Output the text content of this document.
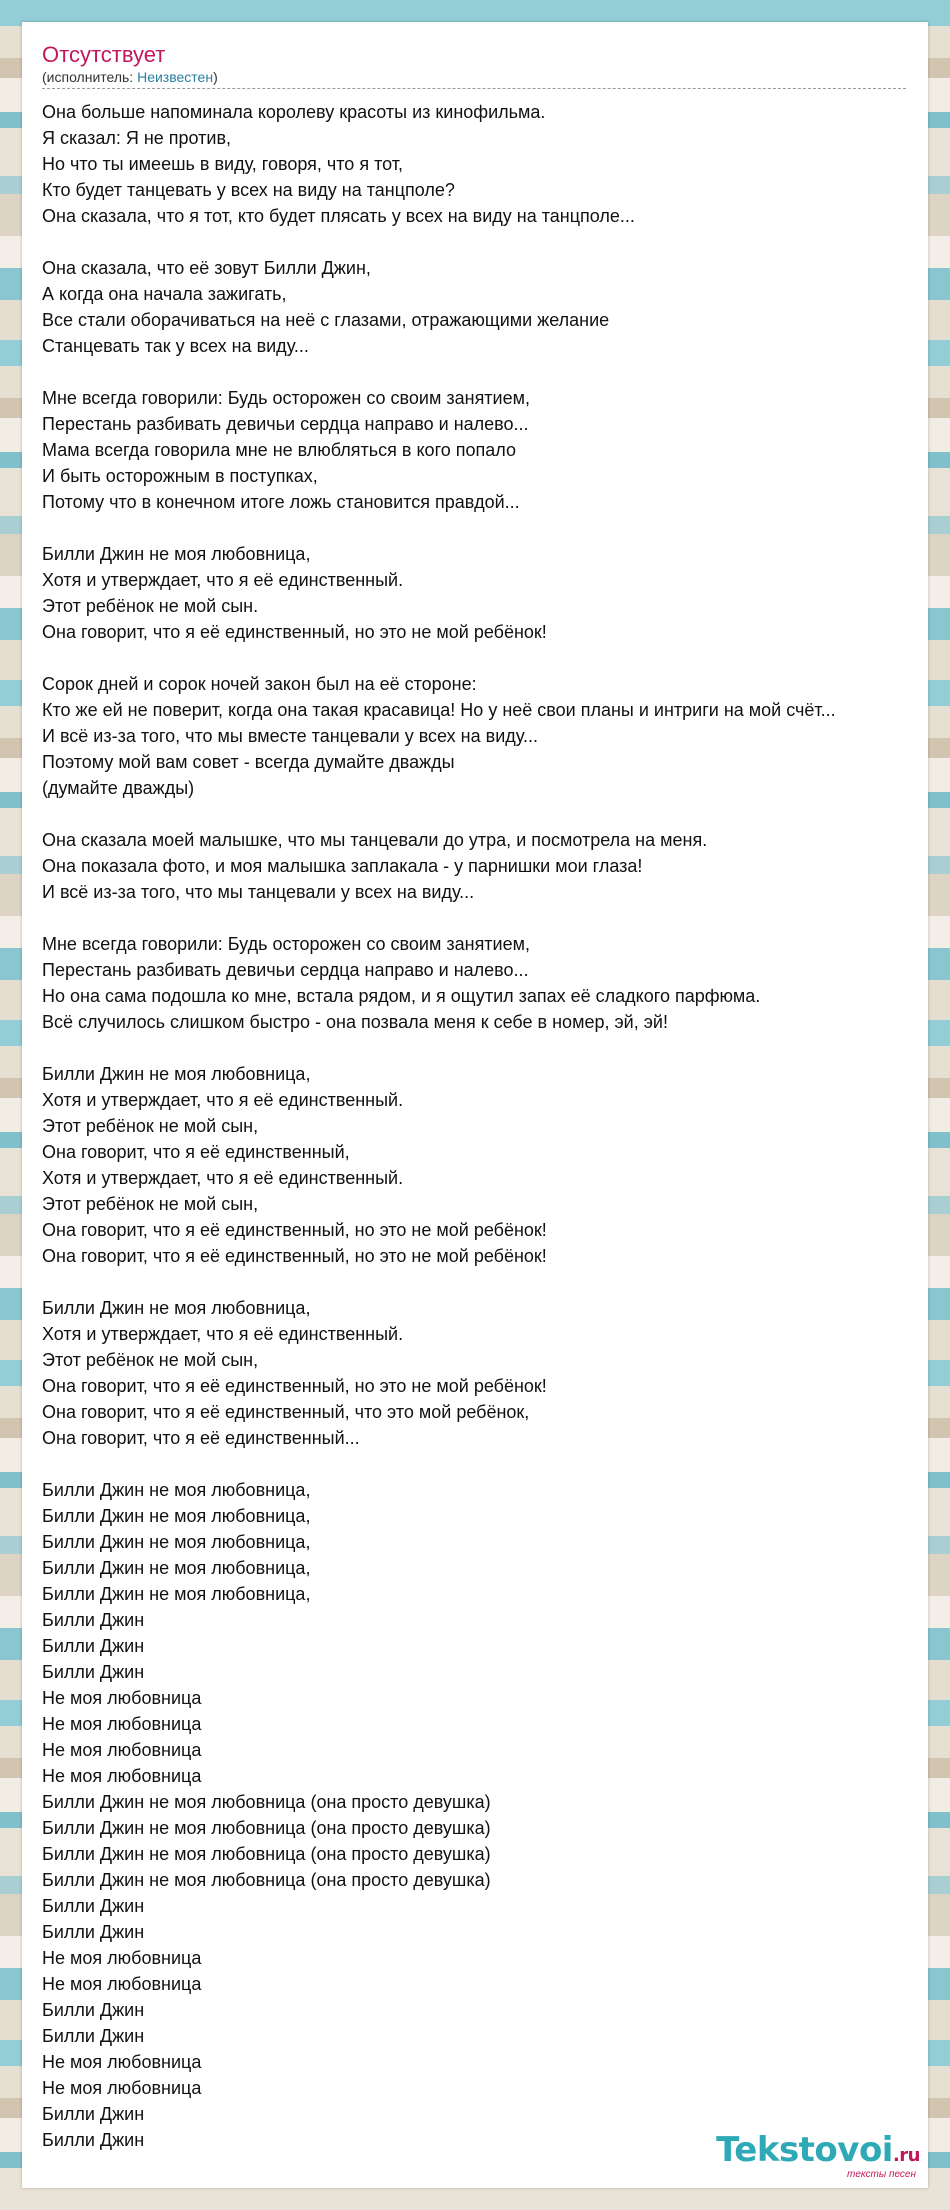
Отсутствует
(исполнитель: Неизвестен)
Она больше напоминала королеву красоты из кинофильма.
Я сказал: Я не против,
Но что ты имеешь в виду, говоря, что я тот,
Кто будет танцевать у всех на виду на танцполе?
Она сказала, что я тот, кто будет плясать у всех на виду на танцполе...
Она сказала, что её зовут Билли Джин,
А когда она начала зажигать,
Все стали оборачиваться на неё с глазами, отражающими желание
Станцевать так у всех на виду...
Мне всегда говорили: Будь осторожен со своим занятием,
Перестань разбивать девичьи сердца направо и налево...
Мама всегда говорила мне не влюбляться в кого попало
И быть осторожным в поступках,
Потому что в конечном итоге ложь становится правдой...
Билли Джин не моя любовница,
Хотя и утверждает, что я её единственный.
Этот ребёнок не мой сын.
Она говорит, что я её единственный, но это не мой ребёнок!
Сорок дней и сорок ночей закон был на её стороне:
Кто же ей не поверит, когда она такая красавица! Но у неё свои планы и интриги на мой счёт...
И всё из-за того, что мы вместе танцевали у всех на виду...
Поэтому мой вам совет - всегда думайте дважды
(думайте дважды)
Она сказала моей малышке, что мы танцевали до утра, и посмотрела на меня.
Она показала фото, и моя малышка заплакала - у парнишки мои глаза!
И всё из-за того, что мы танцевали у всех на виду...
Мне всегда говорили: Будь осторожен со своим занятием,
Перестань разбивать девичьи сердца направо и налево...
Но она сама подошла ко мне, встала рядом, и я ощутил запах её сладкого парфюма.
Всё случилось слишком быстро - она позвала меня к себе в номер, эй, эй!
Билли Джин не моя любовница,
Хотя и утверждает, что я её единственный.
Этот ребёнок не мой сын,
Она говорит, что я её единственный,
Хотя и утверждает, что я её единственный.
Этот ребёнок не мой сын,
Она говорит, что я её единственный, но это не мой ребёнок!
Она говорит, что я её единственный, но это не мой ребёнок!
Билли Джин не моя любовница,
Хотя и утверждает, что я её единственный.
Этот ребёнок не мой сын,
Она говорит, что я её единственный, но это не мой ребёнок!
Она говорит, что я её единственный, что это мой ребёнок,
Она говорит, что я её единственный...
Билли Джин не моя любовница,
Билли Джин не моя любовница,
Билли Джин не моя любовница,
Билли Джин не моя любовница,
Билли Джин не моя любовница,
Билли Джин
Билли Джин
Билли Джин
Не моя любовница
Не моя любовница
Не моя любовница
Не моя любовница
Билли Джин не моя любовница (она просто девушка)
Билли Джин не моя любовница (она просто девушка)
Билли Джин не моя любовница (она просто девушка)
Билли Джин не моя любовница (она просто девушка)
Билли Джин
Билли Джин
Не моя любовница
Не моя любовница
Билли Джин
Билли Джин
Не моя любовница
Не моя любовница
Билли Джин
Билли Джин	Tekstovoi.ru
тексты песен
